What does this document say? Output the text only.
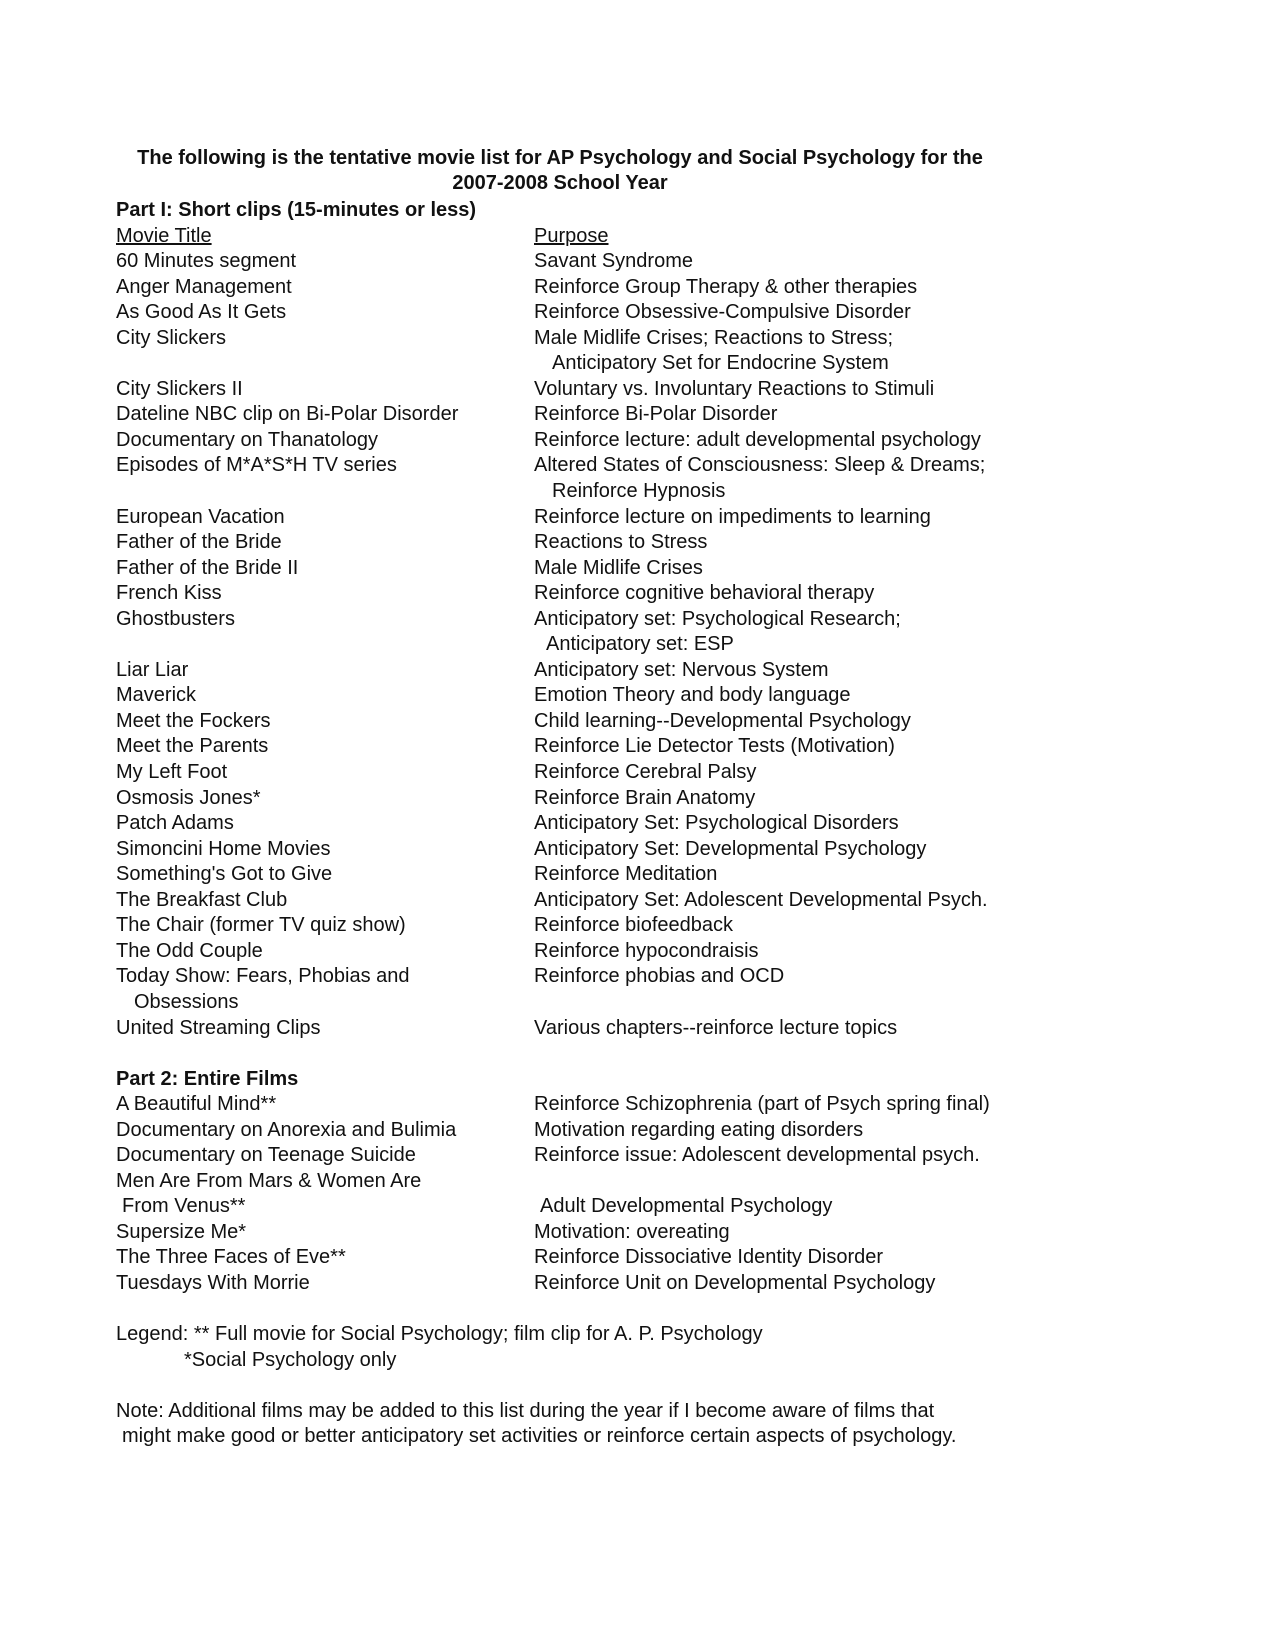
The following is the tentative movie list for AP Psychology and Social Psychology for the
2007-2008 School Year
Part I: Short clips (15-minutes or less)
Movie Title	Purpose
60 Minutes segment	Savant Syndrome
Anger Management	Reinforce Group Therapy & other therapies
As Good As It Gets	Reinforce Obsessive-Compulsive Disorder
City Slickers	Male Midlife Crises; Reactions to Stress;
Anticipatory Set for Endocrine System
City Slickers II	Voluntary vs. Involuntary Reactions to Stimuli
Dateline NBC clip on Bi-Polar Disorder	Reinforce Bi-Polar Disorder
Documentary on Thanatology	Reinforce lecture: adult developmental psychology
Episodes of M*A*S*H TV series	Altered States of Consciousness: Sleep & Dreams;
Reinforce Hypnosis
European Vacation	Reinforce lecture on impediments to learning
Father of the Bride	Reactions to Stress
Father of the Bride II	Male Midlife Crises
French Kiss	Reinforce cognitive behavioral therapy
Ghostbusters	Anticipatory set: Psychological Research;
Anticipatory set: ESP
Liar Liar	Anticipatory set: Nervous System
Maverick	Emotion Theory and body language
Meet the Fockers	Child learning--Developmental Psychology
Meet the Parents	Reinforce Lie Detector Tests (Motivation)
My Left Foot	Reinforce Cerebral Palsy
Osmosis Jones*	Reinforce Brain Anatomy
Patch Adams	Anticipatory Set: Psychological Disorders
Simoncini Home Movies	Anticipatory Set: Developmental Psychology
Something's Got to Give	Reinforce Meditation
The Breakfast Club	Anticipatory Set: Adolescent Developmental Psych.
The Chair (former TV quiz show)	Reinforce biofeedback
The Odd Couple	Reinforce hypocondraisis
Today Show: Fears, Phobias and	Reinforce phobias and OCD
Obsessions
United Streaming Clips	Various chapters--reinforce lecture topics
Part 2: Entire Films
A Beautiful Mind**	Reinforce Schizophrenia (part of Psych spring final)
Documentary on Anorexia and Bulimia	Motivation regarding eating disorders
Documentary on Teenage Suicide	Reinforce issue: Adolescent developmental psych.
Men Are From Mars & Women Are
From Venus**	Adult Developmental Psychology
Supersize Me*	Motivation: overeating
The Three Faces of Eve**	Reinforce Dissociative Identity Disorder
Tuesdays With Morrie	Reinforce Unit on Developmental Psychology
Legend: ** Full movie for Social Psychology; film clip for A. P. Psychology
*Social Psychology only
Note: Additional films may be added to this list during the year if I become aware of films that
might make good or better anticipatory set activities or reinforce certain aspects of psychology.
